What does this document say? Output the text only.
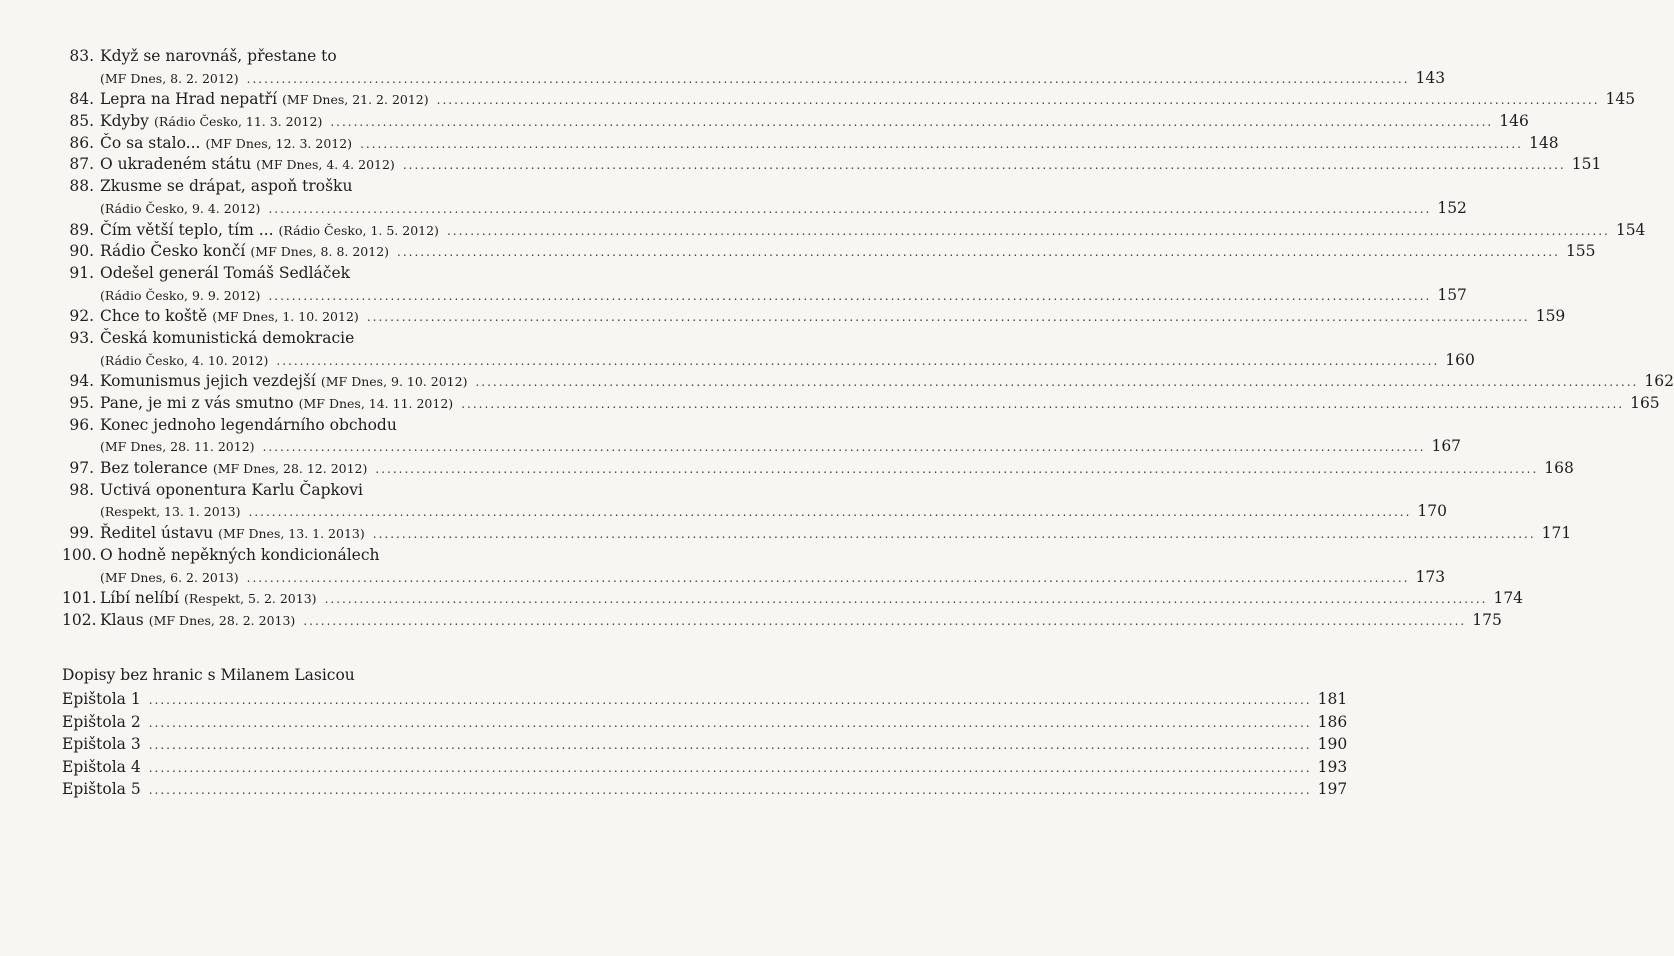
83. Když se narovnáš, přestane to
(MF Dnes, 8. 2. 2012) ........................................................................................................................................................................................................ 143
84. Lepra na Hrad nepatří (MF Dnes, 21. 2. 2012) ........................................................................................................................................................................................................ 145
85. Kdyby (Rádio Česko, 11. 3. 2012) ........................................................................................................................................................................................................ 146
86. Čo sa stalo... (MF Dnes, 12. 3. 2012) ........................................................................................................................................................................................................ 148
87. O ukradeném státu (MF Dnes, 4. 4. 2012) ........................................................................................................................................................................................................ 151
88. Zkusme se drápat, aspoň trošku
(Rádio Česko, 9. 4. 2012) ........................................................................................................................................................................................................ 152
89. Čím větší teplo, tím ... (Rádio Česko, 1. 5. 2012) ........................................................................................................................................................................................................ 154
90. Rádio Česko končí (MF Dnes, 8. 8. 2012) ........................................................................................................................................................................................................ 155
91. Odešel generál Tomáš Sedláček
(Rádio Česko, 9. 9. 2012) ........................................................................................................................................................................................................ 157
92. Chce to koště (MF Dnes, 1. 10. 2012) ........................................................................................................................................................................................................ 159
93. Česká komunistická demokracie
(Rádio Česko, 4. 10. 2012) ........................................................................................................................................................................................................ 160
94. Komunismus jejich vezdejší (MF Dnes, 9. 10. 2012) ........................................................................................................................................................................................................ 162
95. Pane, je mi z vás smutno (MF Dnes, 14. 11. 2012) ........................................................................................................................................................................................................ 165
96. Konec jednoho legendárního obchodu
(MF Dnes, 28. 11. 2012) ........................................................................................................................................................................................................ 167
97. Bez tolerance (MF Dnes, 28. 12. 2012) ........................................................................................................................................................................................................ 168
98. Uctivá oponentura Karlu Čapkovi
(Respekt, 13. 1. 2013) ........................................................................................................................................................................................................ 170
99. Ředitel ústavu (MF Dnes, 13. 1. 2013) ........................................................................................................................................................................................................ 171
100. O hodně nepěkných kondicionálech
(MF Dnes, 6. 2. 2013) ........................................................................................................................................................................................................ 173
101. Líbí nelíbí (Respekt, 5. 2. 2013) ........................................................................................................................................................................................................ 174
102. Klaus (MF Dnes, 28. 2. 2013) ........................................................................................................................................................................................................ 175
Dopisy bez hranic s Milanem Lasicou
Epištola 1 ........................................................................................................................................................................................................ 181
Epištola 2 ........................................................................................................................................................................................................ 186
Epištola 3 ........................................................................................................................................................................................................ 190
Epištola 4 ........................................................................................................................................................................................................ 193
Epištola 5 ........................................................................................................................................................................................................ 197
